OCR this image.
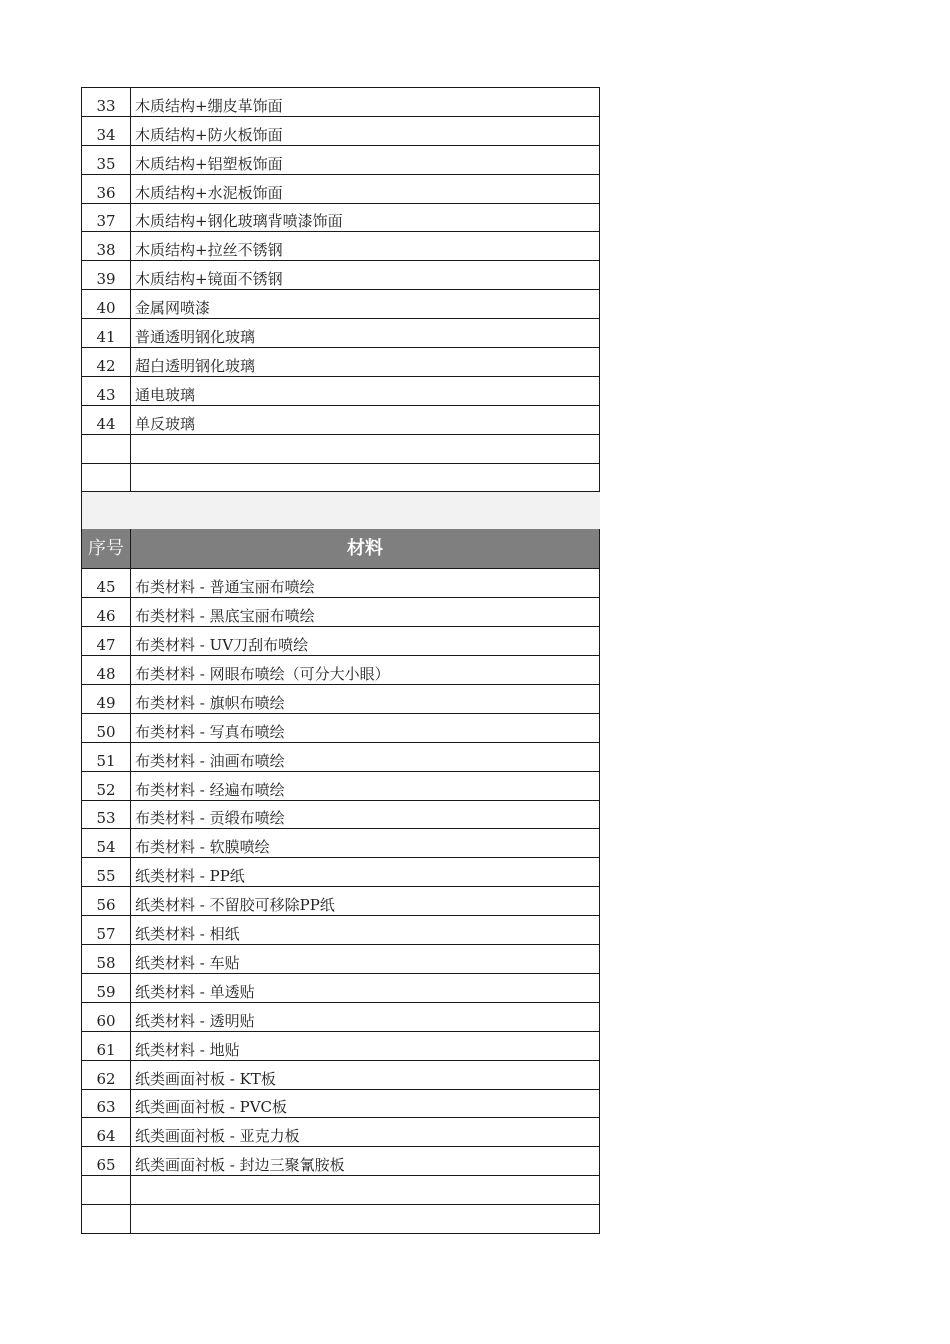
33	木质结构+绷皮革饰面
34	木质结构+防火板饰面
35	木质结构+铝塑板饰面
36	木质结构+水泥板饰面
37	木质结构+钢化玻璃背喷漆饰面
38	木质结构+拉丝不锈钢
39	木质结构+镜面不锈钢
40	金属网喷漆
41	普通透明钢化玻璃
42	超白透明钢化玻璃
43	通电玻璃
44	单反玻璃

序号	材料
45	布类材料 - 普通宝丽布喷绘
46	布类材料 - 黑底宝丽布喷绘
47	布类材料 - UV刀刮布喷绘
48	布类材料 - 网眼布喷绘（可分大小眼）
49	布类材料 - 旗帜布喷绘
50	布类材料 - 写真布喷绘
51	布类材料 - 油画布喷绘
52	布类材料 - 经遍布喷绘
53	布类材料 - 贡缎布喷绘
54	布类材料 - 软膜喷绘
55	纸类材料 - PP纸
56	纸类材料 - 不留胶可移除PP纸
57	纸类材料 - 相纸
58	纸类材料 - 车贴
59	纸类材料 - 单透贴
60	纸类材料 - 透明贴
61	纸类材料 - 地贴
62	纸类画面衬板 - KT板
63	纸类画面衬板 - PVC板
64	纸类画面衬板 - 亚克力板
65	纸类画面衬板 - 封边三聚氰胺板
